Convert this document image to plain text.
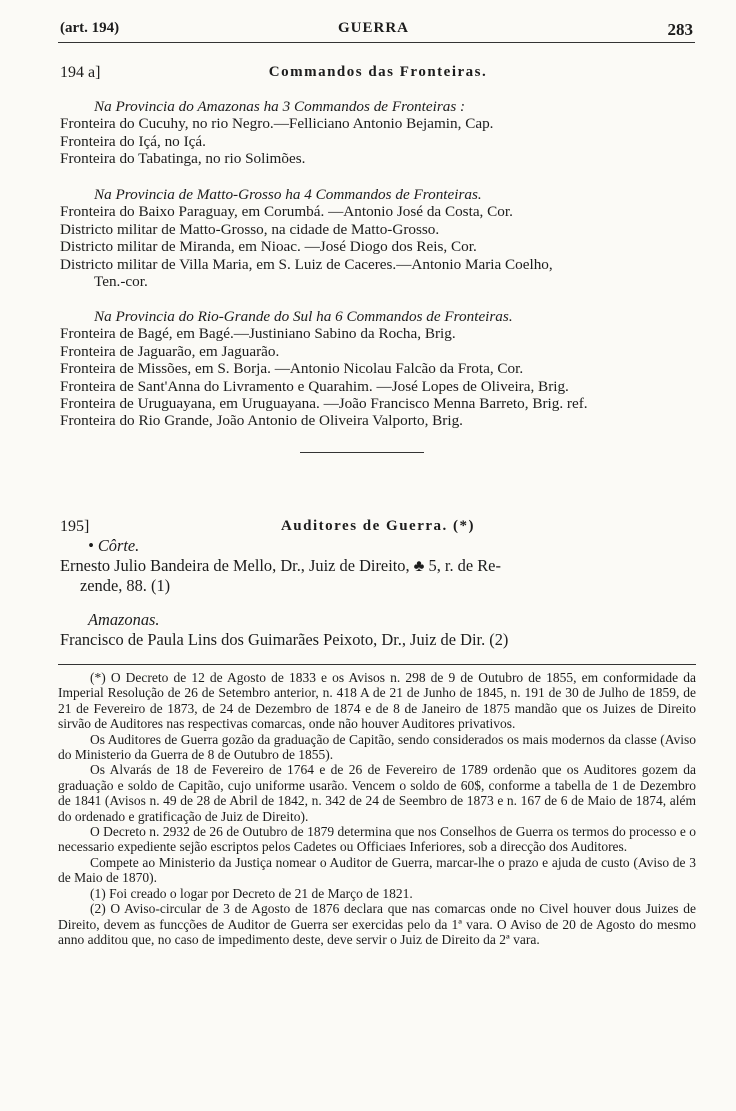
(art. 194)	GUERRA	283
Commandos das Fronteiras.
194 a]
Na Provincia do Amazonas ha 3 Commandos de Fronteiras :
Fronteira do Cucuhy, no rio Negro.—Felliciano Antonio Bejamin, Cap.
Fronteira do Içá, no Içá.
Fronteira do Tabatinga, no rio Solimões.
Na Provincia de Matto-Grosso ha 4 Commandos de Fronteiras.
Fronteira do Baixo Paraguay, em Corumbá. —Antonio José da Costa, Cor.
Districto militar de Matto-Grosso, na cidade de Matto-Grosso.
Districto militar de Miranda, em Nioac. —José Diogo dos Reis, Cor.
Districto militar de Villa Maria, em S. Luiz de Caceres.—Antonio Maria Coelho,
Ten.-cor.
Na Provincia do Rio-Grande do Sul ha 6 Commandos de Fronteiras.
Fronteira de Bagé, em Bagé.—Justiniano Sabino da Rocha, Brig.
Fronteira de Jaguarão, em Jaguarão.
Fronteira de Missões, em S. Borja. —Antonio Nicolau Falcão da Frota, Cor.
Fronteira de Sant'Anna do Livramento e Quarahim. —José Lopes de Oliveira, Brig.
Fronteira de Uruguayana, em Uruguayana. —João Francisco Menna Barreto, Brig. ref.
Fronteira do Rio Grande, João Antonio de Oliveira Valporto, Brig.
Auditores de Guerra. (*)
195]
• Côrte.
Ernesto Julio Bandeira de Mello, Dr., Juiz de Direito, ♣ 5, r. de Re-
zende, 88. (1)
Amazonas.
Francisco de Paula Lins dos Guimarães Peixoto, Dr., Juiz de Dir. (2)

(*) O Decreto de 12 de Agosto de 1833 e os Avisos n. 298 de 9 de Outubro de 1855, em conformidade da Imperial Resolução de 26 de Setembro anterior, n. 418 A de 21 de Junho de 1845, n. 191 de 30 de Julho de 1859, de 21 de Fevereiro de 1873, de 24 de Dezembro de 1874 e de 8 de Janeiro de 1875 mandão que os Juizes de Direito sirvão de Auditores nas respectivas comarcas, onde não houver Auditores privativos.

Os Auditores de Guerra gozão da graduação de Capitão, sendo considerados os mais modernos da classe (Aviso do Ministerio da Guerra de 8 de Outubro de 1855).

Os Alvarás de 18 de Fevereiro de 1764 e de 26 de Fevereiro de 1789 ordenão que os Auditores gozem da graduação e soldo de Capitão, cujo uniforme usarão. Vencem o soldo de 60$, conforme a tabella de 1 de Dezembro de 1841 (Avisos n. 49 de 28 de Abril de 1842, n. 342 de 24 de Seembro de 1873 e n. 167 de 6 de Maio de 1874, além do ordenado e gratificação de Juiz de Direito).

O Decreto n. 2932 de 26 de Outubro de 1879 determina que nos Conselhos de Guerra os termos do processo e o necessario expediente sejão escriptos pelos Cadetes ou Officiaes Inferiores, sob a direcção dos Auditores.

Compete ao Ministerio da Justiça nomear o Auditor de Guerra, marcar-lhe o prazo e ajuda de custo (Aviso de 3 de Maio de 1870).

(1) Foi creado o logar por Decreto de 21 de Março de 1821.

(2) O Aviso-circular de 3 de Agosto de 1876 declara que nas comarcas onde no Civel houver dous Juizes de Direito, devem as funcções de Auditor de Guerra ser exercidas pelo da 1ª vara. O Aviso de 20 de Agosto do mesmo anno additou que, no caso de impedimento deste, deve servir o Juiz de Direito da 2ª vara.
